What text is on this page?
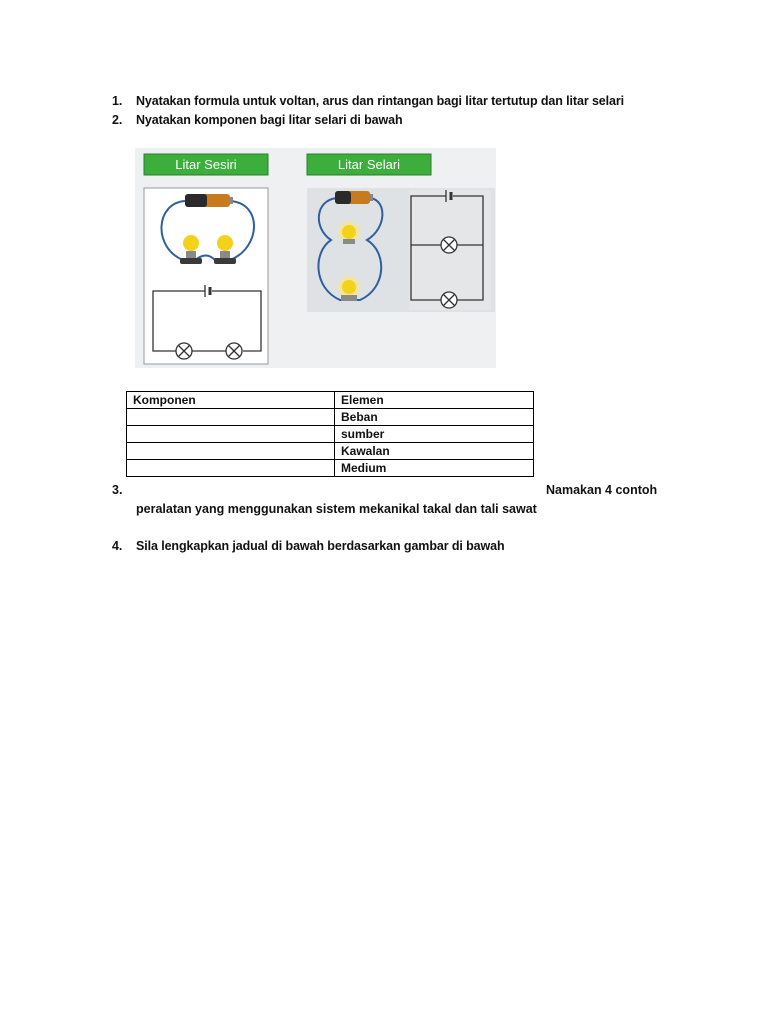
1. Nyatakan formula untuk voltan, arus dan rintangan bagi litar tertutup dan litar selari
2. Nyatakan komponen bagi litar selari di bawah
Litar Sesiri	Litar Selari
Komponen	Elemen
	Beban
	sumber
	Kawalan
	Medium
3.	Namakan 4 contoh
peralatan yang menggunakan sistem mekanikal takal dan tali sawat
4. Sila lengkapkan jadual di bawah berdasarkan gambar di bawah
